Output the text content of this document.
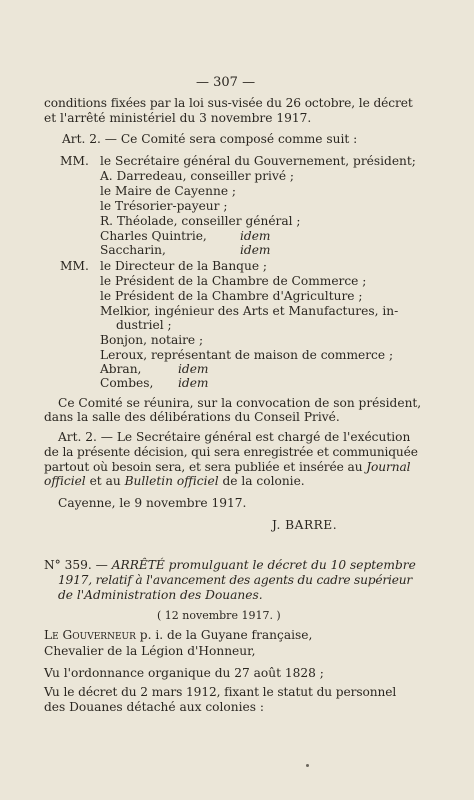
— 307 —
conditions fixées par la loi sus-visée du 26 octobre, le décret
et l'arrêté ministériel du 3 novembre 1917.
Art. 2. — Ce Comité sera composé comme suit :
MM. le Secrétaire général du Gouvernement, président;
A. Darredeau, conseiller privé ;
le Maire de Cayenne ;
le Trésorier-payeur ;
R. Théolade, conseiller général ;
Charles Quintrie,	idem
Saccharin,	idem
MM. le Directeur de la Banque ;
le Président de la Chambre de Commerce ;
le Président de la Chambre d'Agriculture ;
Melkior, ingénieur des Arts et Manufactures, in-
dustriel ;
Bonjon, notaire ;
Leroux, représentant de maison de commerce ;
Abran,	idem
Combes, idem
Ce Comité se réunira, sur la convocation de son président,
dans la salle des délibérations du Conseil Privé.
Art. 2. — Le Secrétaire général est chargé de l'exécution
de la présente décision, qui sera enregistrée et communiquée
partout où besoin sera, et sera publiée et insérée au Journal
officiel et au Bulletin officiel de la colonie.
Cayenne, le 9 novembre 1917.
J. BARRE.
N° 359. — ARRÊTÉ promulguant le décret du 10 septembre
1917, relatif à l'avancement des agents du cadre supérieur
de l'Administration des Douanes.
( 12 novembre 1917. )
Le Gouverneur p. i. de la Guyane française,
Chevalier de la Légion d'Honneur,
Vu l'ordonnance organique du 27 août 1828 ;
Vu le décret du 2 mars 1912, fixant le statut du personnel
des Douanes détaché aux colonies :
